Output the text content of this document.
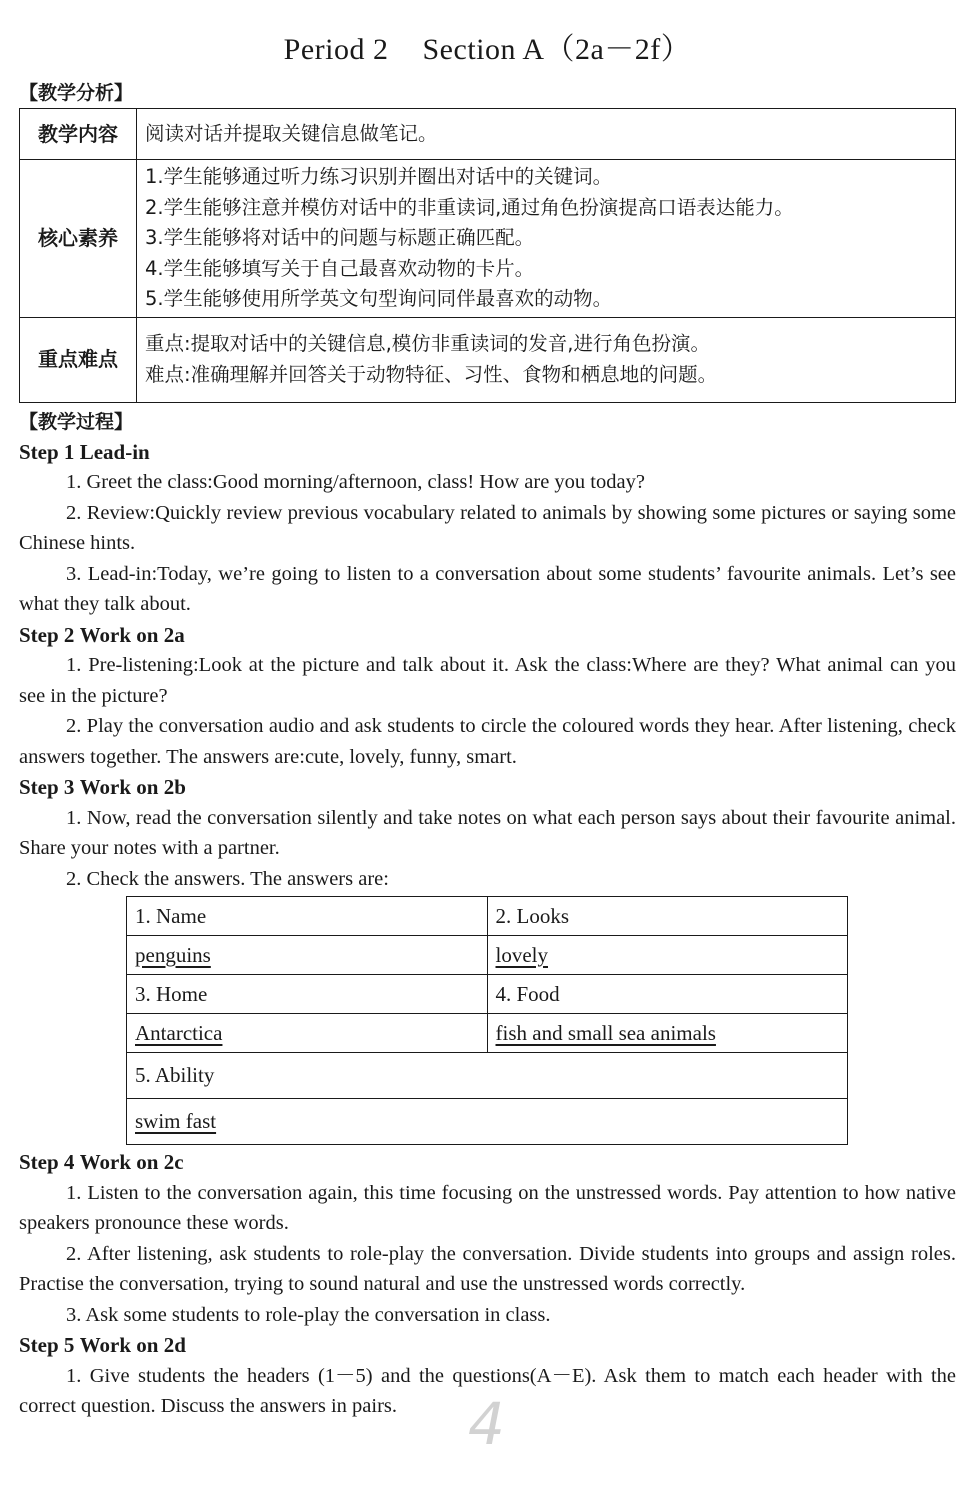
Period 2 Section A（2a－2f）
【教学分析】
教学内容	阅读对话并提取关键信息做笔记。

核心素养	1.学生能够通过听力练习识别并圈出对话中的关键词。
2.学生能够注意并模仿对话中的非重读词,通过角色扮演提高口语表达能力。
3.学生能够将对话中的问题与标题正确匹配。
4.学生能够填写关于自己最喜欢动物的卡片。
5.学生能够使用所学英文句型询问同伴最喜欢的动物。

重点难点	重点:提取对话中的关键信息,模仿非重读词的发音,进行角色扮演。
难点:准确理解并回答关于动物特征、习性、食物和栖息地的问题。
【教学过程】
Step 1 Lead-in

1. Greet the class:Good morning/afternoon, class! How are you today?

2. Review:Quickly review previous vocabulary related to animals by showing some pictures or saying some Chinese hints.

3. Lead-in:Today, we’re going to listen to a conversation about some students’ favourite animals. Let’s see what they talk about.

Step 2 Work on 2a

1. Pre-listening:Look at the picture and talk about it. Ask the class:Where are they? What animal can you see in the picture?

2. Play the conversation audio and ask students to circle the coloured words they hear. After listening, check answers together. The answers are:cute, lovely, funny, smart.

Step 3 Work on 2b

1. Now, read the conversation silently and take notes on what each person says about their favourite animal. Share your notes with a partner.

2. Check the answers. The answers are:

1. Name	2. Looks
penguins	lovely
3. Home	4. Food
Antarctica	fish and small sea animals
5. Ability	
swim fast	
Step 4 Work on 2c

1. Listen to the conversation again, this time focusing on the unstressed words. Pay attention to how native speakers pronounce these words.

2. After listening, ask students to role-play the conversation. Divide students into groups and assign roles. Practise the conversation, trying to sound natural and use the unstressed words correctly.

3. Ask some students to role-play the conversation in class.

Step 5 Work on 2d

1. Give students the headers (1－5) and the questions(A－E). Ask them to match each header with the correct question. Discuss the answers in pairs.	4
